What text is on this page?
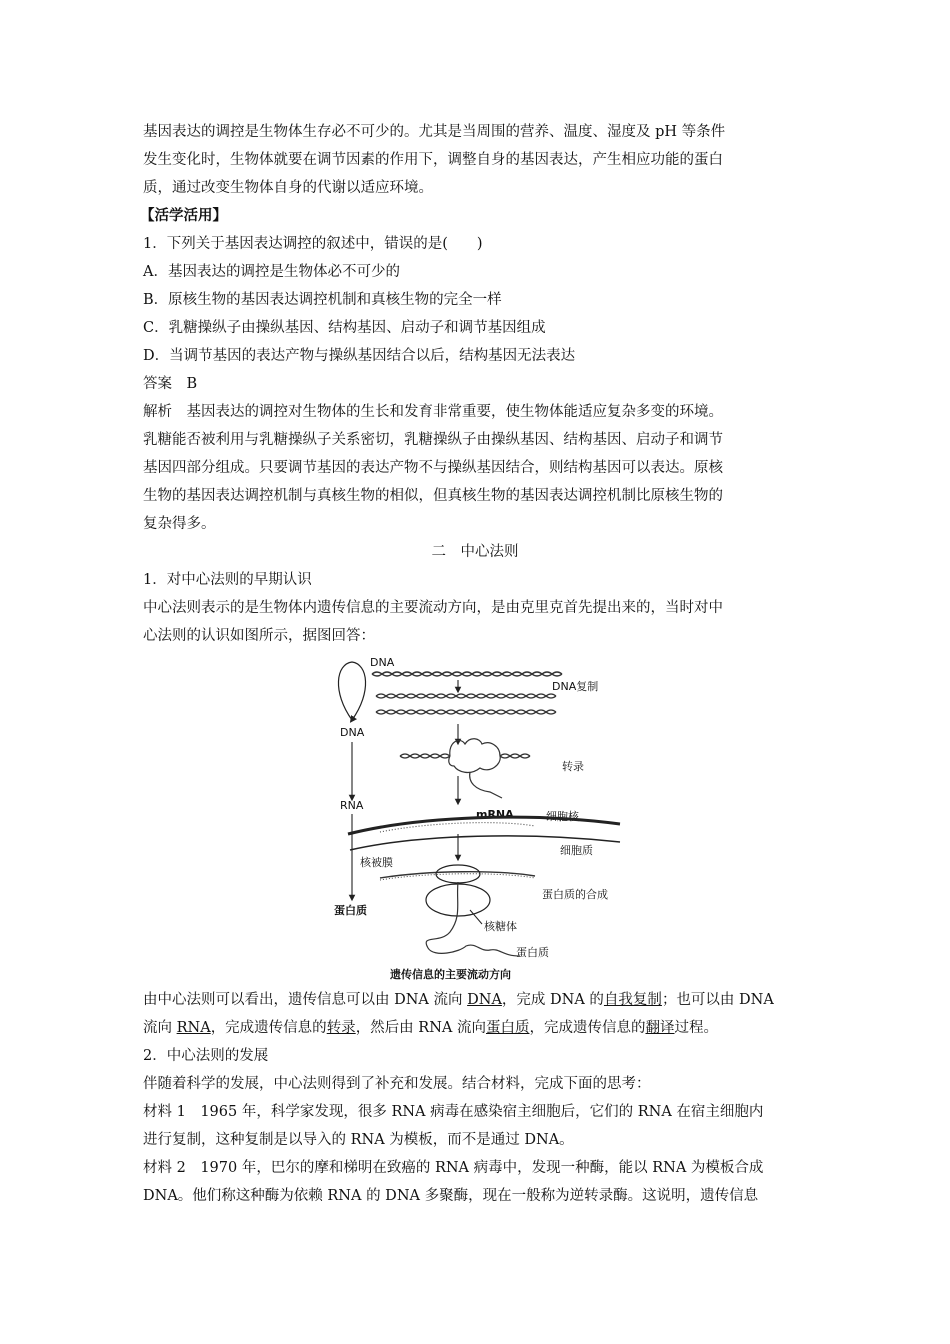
基因表达的调控是生物体生存必不可少的。尤其是当周围的营养、温度、湿度及 pH 等条件
发生变化时，生物体就要在调节因素的作用下，调整自身的基因表达，产生相应功能的蛋白
质，通过改变生物体自身的代谢以适应环境。
【活学活用】
1．下列关于基因表达调控的叙述中，错误的是(　　)
A．基因表达的调控是生物体必不可少的
B．原核生物的基因表达调控机制和真核生物的完全一样
C．乳糖操纵子由操纵基因、结构基因、启动子和调节基因组成
D．当调节基因的表达产物与操纵基因结合以后，结构基因无法表达
答案　B
解析　基因表达的调控对生物体的生长和发育非常重要，使生物体能适应复杂多变的环境。
乳糖能否被利用与乳糖操纵子关系密切，乳糖操纵子由操纵基因、结构基因、启动子和调节
基因四部分组成。只要调节基因的表达产物不与操纵基因结合，则结构基因可以表达。原核
生物的基因表达调控机制与真核生物的相似，但真核生物的基因表达调控机制比原核生物的
复杂得多。
二　中心法则
1．对中心法则的早期认识
中心法则表示的是生物体内遗传信息的主要流动方向，是由克里克首先提出来的，当时对中
心法则的认识如图所示，据图回答：
DNA
DNA
RNA
蛋白质
DNA复制
转录
mRNA	细胞核
细胞质
核被膜
蛋白质的合成
核糖体
蛋白质
遗传信息的主要流动方向
由中心法则可以看出，遗传信息可以由 DNA 流向 DNA，完成 DNA 的自我复制；也可以由 DNA
流向 RNA，完成遗传信息的转录，然后由 RNA 流向蛋白质，完成遗传信息的翻译过程。
2．中心法则的发展
伴随着科学的发展，中心法则得到了补充和发展。结合材料，完成下面的思考：
材料 1　1965 年，科学家发现，很多 RNA 病毒在感染宿主细胞后，它们的 RNA 在宿主细胞内
进行复制，这种复制是以导入的 RNA 为模板，而不是通过 DNA。
材料 2　1970 年，巴尔的摩和梯明在致癌的 RNA 病毒中，发现一种酶，能以 RNA 为模板合成
DNA。他们称这种酶为依赖 RNA 的 DNA 多聚酶，现在一般称为逆转录酶。这说明，遗传信息
